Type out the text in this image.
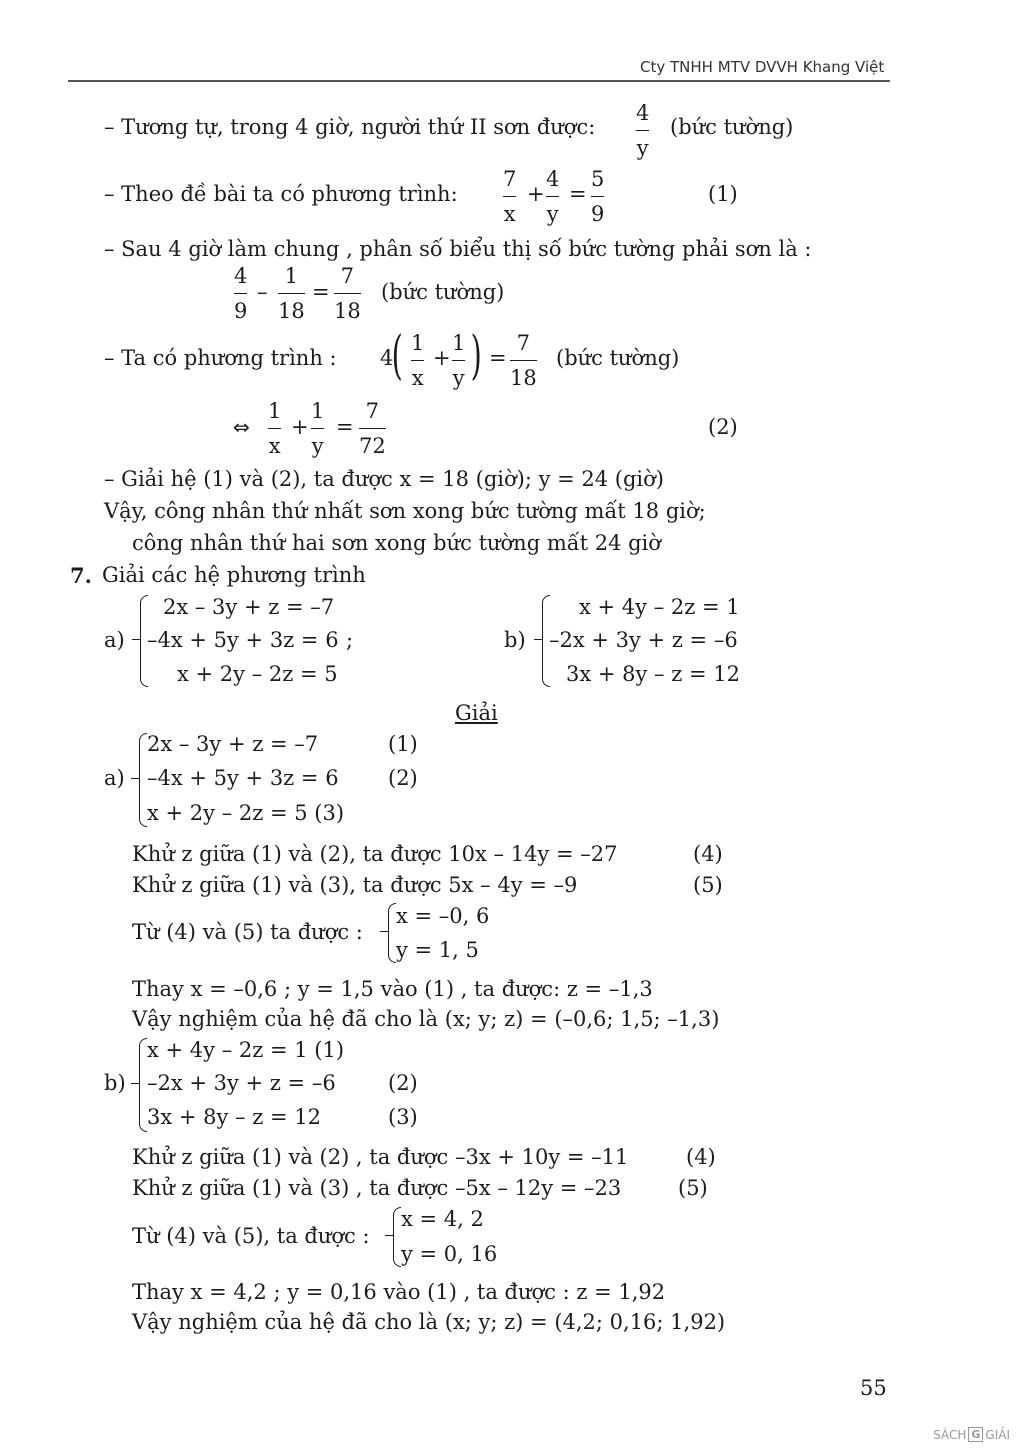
Cty TNHH MTV DVVH Khang Việt
– Tương tự, trong 4 giờ, người thứ II sơn được:
4
y
(bức tường)
– Theo đề bài ta có phương trình:
7
x
+
4
y
=
5
9
(1)
– Sau 4 giờ làm chung , phân số biểu thị số bức tường phải sơn là :
4
9
–
1
18
=
7
18
(bức tường)
– Ta có phương trình : 4
( 1
x
+
1
y ) =
7
18
(bức tường)
⇔
1
x
+
1
y
=
7
72
(2)
– Giải hệ (1) và (2), ta được x = 18 (giờ); y = 24 (giờ)
Vậy, công nhân thứ nhất sơn xong bức tường mất 18 giờ;
công nhân thứ hai sơn xong bức tường mất 24 giờ
7. Giải các hệ phương trình
a)
2x – 3y + z = –7
–4x + 5y + 3z = 6 ;
x + 2y – 2z = 5
b)
x + 4y – 2z = 1
–2x + 3y + z = –6
3x + 8y – z = 12
Giải
a)
2x – 3y + z = –7	(1)
–4x + 5y + 3z = 6 (2)
x + 2y – 2z = 5 (3)
Khử z giữa (1) và (2), ta được 10x – 14y = –27	(4)
Khử z giữa (1) và (3), ta được 5x – 4y = –9	(5)
Từ (4) và (5) ta được :
x = –0, 6
y = 1, 5
Thay x = –0,6 ; y = 1,5 vào (1) , ta được: z = –1,3
Vậy nghiệm của hệ đã cho là (x; y; z) = (–0,6; 1,5; –1,3)
b)
x + 4y – 2z = 1 (1)
–2x + 3y + z = –6 (2)
3x + 8y – z = 12	(3)
Khử z giữa (1) và (2) , ta được –3x + 10y = –11	(4)
Khử z giữa (1) và (3) , ta được –5x – 12y = –23	(5)
Từ (4) và (5), ta được :
x = 4, 2
y = 0, 16
Thay x = 4,2 ; y = 0,16 vào (1) , ta được : z = 1,92
Vậy nghiệm của hệ đã cho là (x; y; z) = (4,2; 0,16; 1,92)
55
SÁCH G GIẢI
